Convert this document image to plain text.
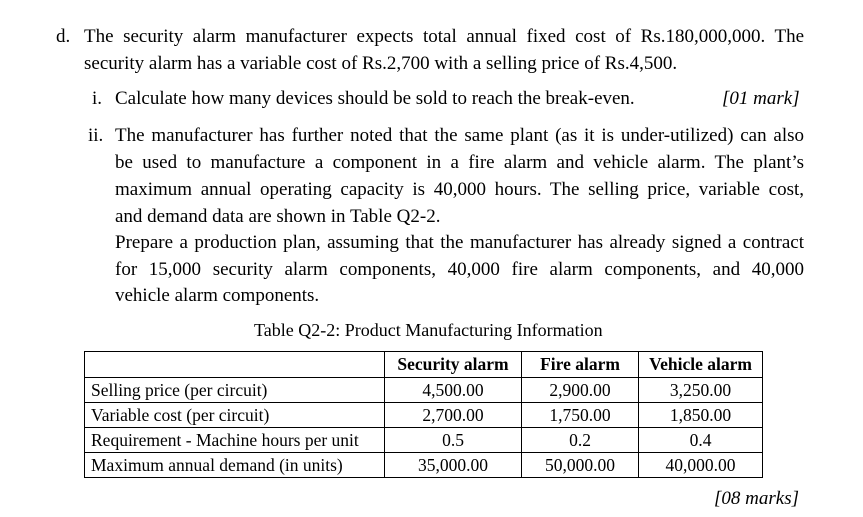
d. The security alarm manufacturer expects total annual fixed cost of Rs.180,000,000. The
security alarm has a variable cost of Rs.2,700 with a selling price of Rs.4,500.
i. Calculate how many devices should be sold to reach the break-even.	[01 mark]
ii. The manufacturer has further noted that the same plant (as it is under-utilized) can also
be used to manufacture a component in a fire alarm and vehicle alarm. The plant’s
maximum annual operating capacity is 40,000 hours. The selling price, variable cost,
and demand data are shown in Table Q2-2.
Prepare a production plan, assuming that the manufacturer has already signed a contract
for 15,000 security alarm components, 40,000 fire alarm components, and 40,000
vehicle alarm components.
Table Q2-2: Product Manufacturing Information
	Security alarm	Fire alarm	Vehicle alarm
Selling price (per circuit)	4,500.00	2,900.00	3,250.00
Variable cost (per circuit)	2,700.00	1,750.00	1,850.00
Requirement - Machine hours per unit	0.5	0.2	0.4
Maximum annual demand (in units)	35,000.00	50,000.00	40,000.00
[08 marks]
